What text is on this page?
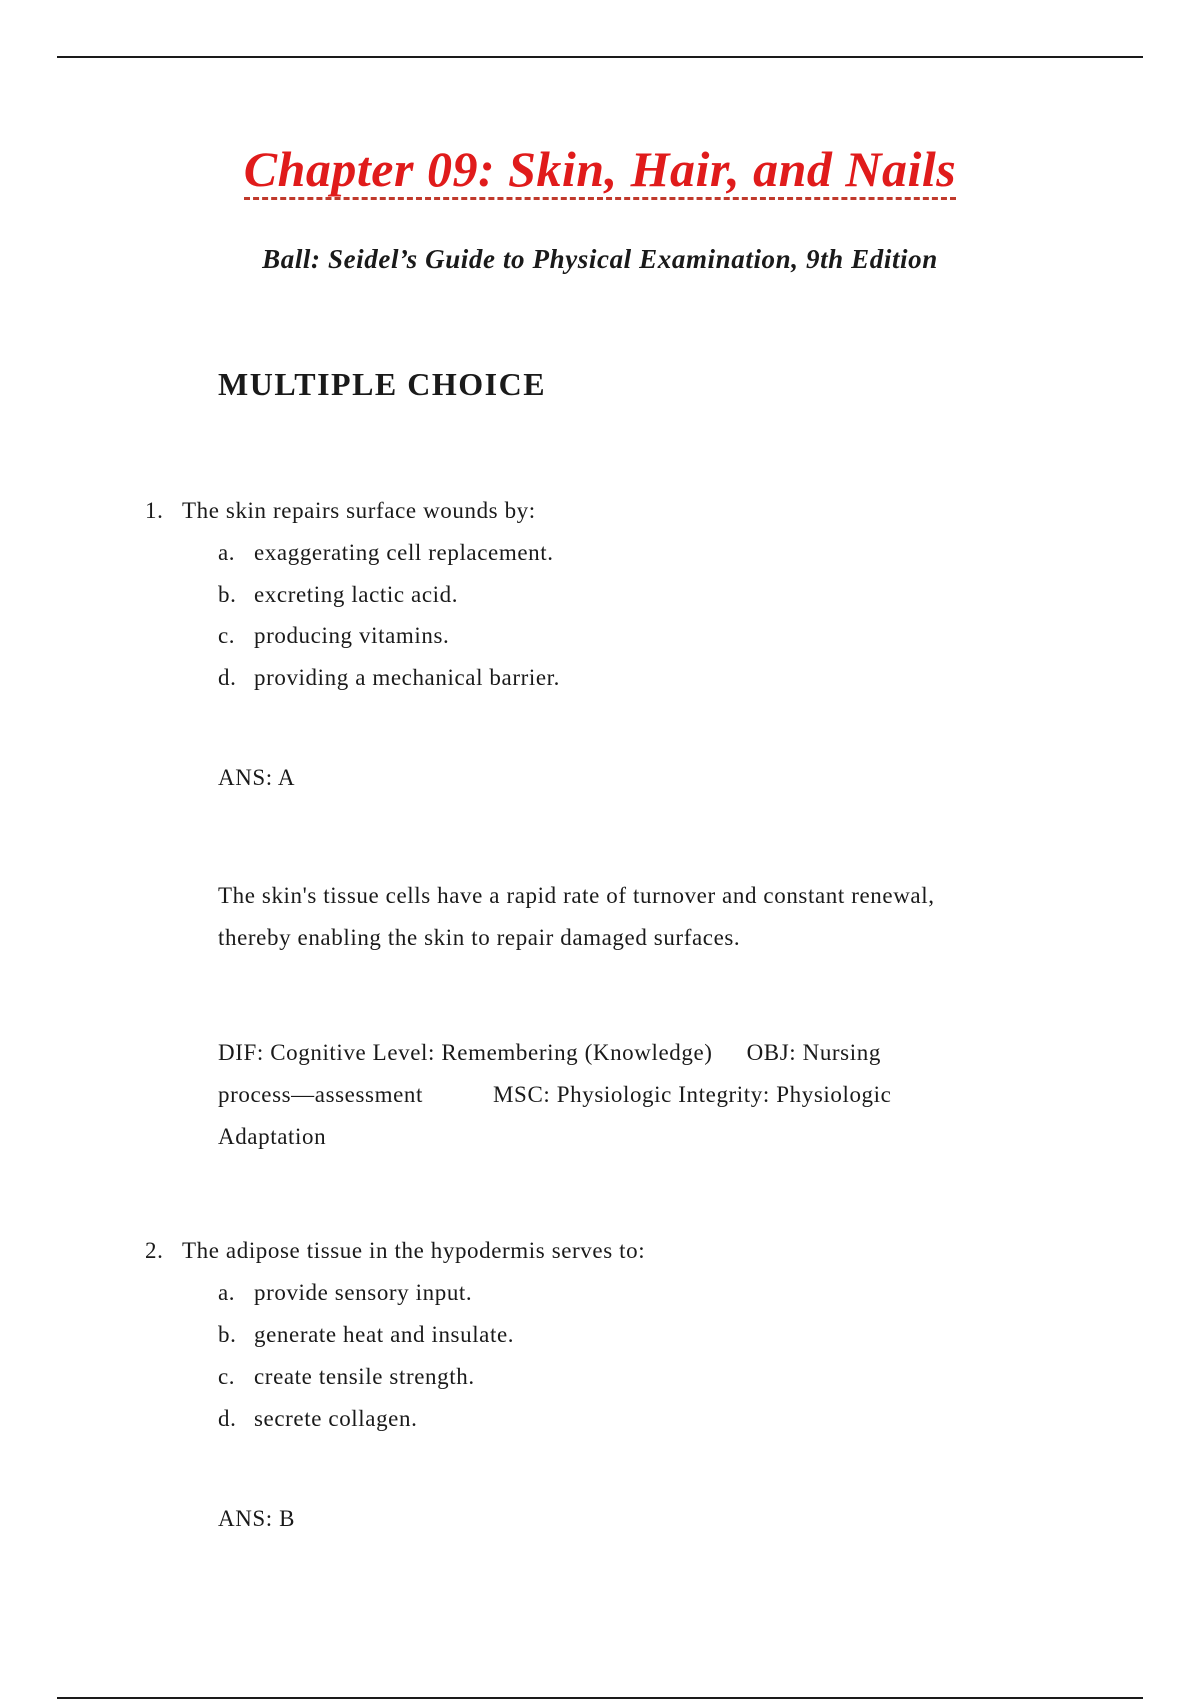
Chapter 09: Skin, Hair, and Nails
Ball: Seidel’s Guide to Physical Examination, 9th Edition
MULTIPLE CHOICE
1. The skin repairs surface wounds by:
a. exaggerating cell replacement.
b. excreting lactic acid.
c. producing vitamins.
d. providing a mechanical barrier.
ANS: A
The skin's tissue cells have a rapid rate of turnover and constant renewal,
thereby enabling the skin to repair damaged surfaces.
DIF: Cognitive Level: Remembering (Knowledge) OBJ: Nursing
process—assessment	MSC: Physiologic Integrity: Physiologic
Adaptation
2. The adipose tissue in the hypodermis serves to:
a. provide sensory input.
b. generate heat and insulate.
c. create tensile strength.
d. secrete collagen.
ANS: B
